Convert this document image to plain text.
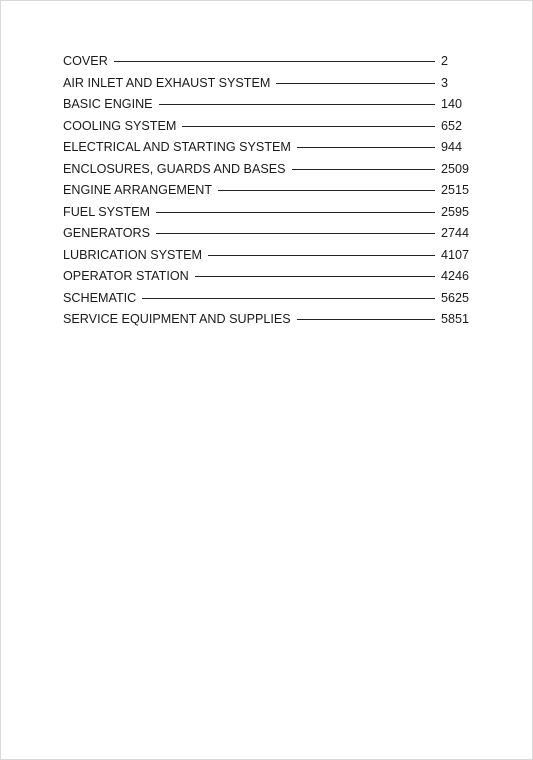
COVER	2
AIR INLET AND EXHAUST SYSTEM	3
BASIC ENGINE	140
COOLING SYSTEM	652
ELECTRICAL AND STARTING SYSTEM	944
ENCLOSURES, GUARDS AND BASES	2509
ENGINE ARRANGEMENT	2515
FUEL SYSTEM	2595
GENERATORS	2744
LUBRICATION SYSTEM	4107
OPERATOR STATION	4246
SCHEMATIC	5625
SERVICE EQUIPMENT AND SUPPLIES	5851
